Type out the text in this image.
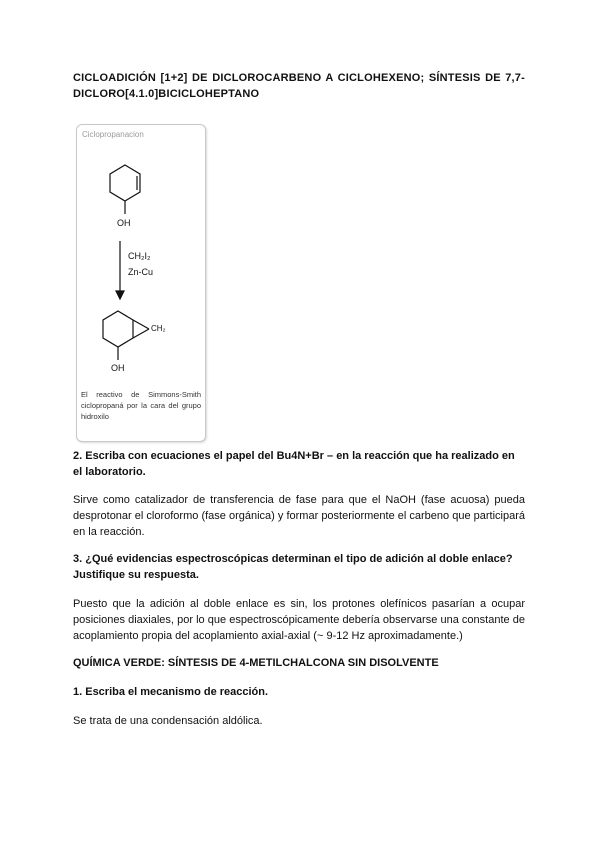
CICLOADICIÓN [1+2] DE DICLOROCARBENO A CICLOHEXENO; SÍNTESIS DE 7,7-DICLORO[4.1.0]BICICLOHEPTANO
Ciclopropanacion
OH
CH₂I₂
Zn-Cu
CH₂
OH
El reactivo de Simmons-Smith ciclopropaná por la cara del grupo hidroxilo
2. Escriba con ecuaciones el papel del Bu4N+Br – en la reacción que ha realizado en el laboratorio.
Sirve como catalizador de transferencia de fase para que el NaOH (fase acuosa) pueda desprotonar el cloroformo (fase orgánica) y formar posteriormente el carbeno que participará en la reacción.
3. ¿Qué evidencias espectroscópicas determinan el tipo de adición al doble enlace? Justifique su respuesta.
Puesto que la adición al doble enlace es sin, los protones olefínicos pasarían a ocupar posiciones diaxiales, por lo que espectroscópicamente debería observarse una constante de acoplamiento propia del acoplamiento axial-axial (~ 9-12 Hz aproximadamente.)
QUÍMICA VERDE: SÍNTESIS DE 4-METILCHALCONA SIN DISOLVENTE
1. Escriba el mecanismo de reacción.
Se trata de una condensación aldólica.
